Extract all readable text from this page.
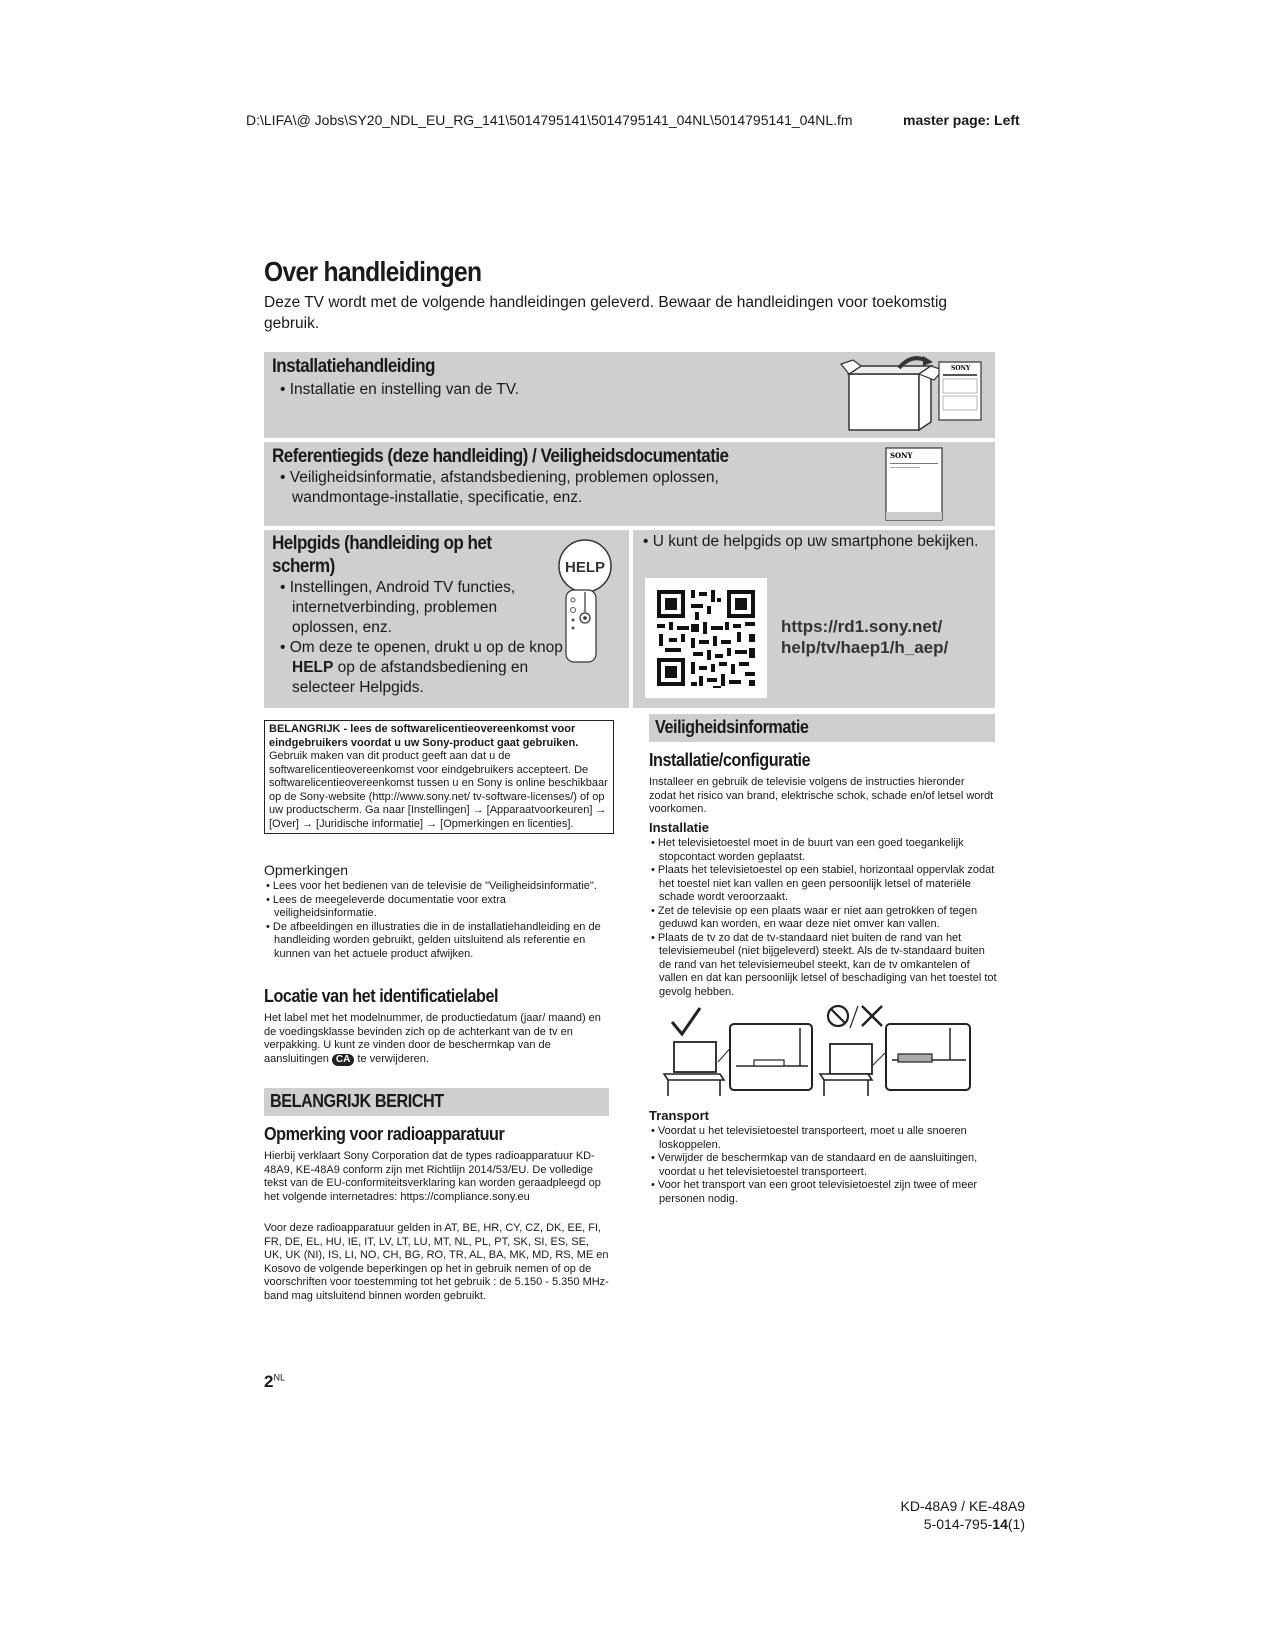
D:\LIFA\@ Jobs\SY20_NDL_EU_RG_141\5014795141\5014795141_04NL\5014795141_04NL.fm	master page: Left
Over handleidingen
Deze TV wordt met de volgende handleidingen geleverd. Bewaar de handleidingen voor toekomstig gebruik.
Installatiehandleiding

• Installatie en instelling van de TV.

SONY
Referentiegids (deze handleiding) / Veiligheidsdocumentatie

• Veiligheidsinformatie, afstandsbediening, problemen oplossen, wandmontage-installatie, specificatie, enz.

SONY
Helpgids (handleiding op het
scherm)

• Instellingen, Android TV functies, internetverbinding, problemen oplossen, enz.

• Om deze te openen, drukt u op de knop HELP op de afstandsbediening en selecteer Helpgids.

HELP

• U kunt de helpgids op uw smartphone bekijken.

https://rd1.sony.net/
help/tv/haep1/h_aep/
BELANGRIJK - lees de softwarelicentieovereenkomst voor eindgebruikers voordat u uw Sony-product gaat gebruiken.
Gebruik maken van dit product geeft aan dat u de softwarelicentieovereenkomst voor eindgebruikers accepteert. De softwarelicentieovereenkomst tussen u en Sony is online beschikbaar op de Sony-website (http://www.sony.net/ tv-software-licenses/) of op uw productscherm. Ga naar [Instellingen] → [Apparaatvoorkeuren] → [Over] → [Juridische informatie] → [Opmerkingen en licenties].
Opmerkingen

• Lees voor het bedienen van de televisie de "Veiligheidsinformatie".

• Lees de meegeleverde documentatie voor extra veiligheidsinformatie.

• De afbeeldingen en illustraties die in de installatiehandleiding en de handleiding worden gebruikt, gelden uitsluitend als referentie en kunnen van het actuele product afwijken.

Locatie van het identificatielabel
Het label met het modelnummer, de productiedatum (jaar/ maand) en de voedingsklasse bevinden zich op de achterkant van de tv en verpakking. U kunt ze vinden door de beschermkap van de aansluitingen CA te verwijderen.
BELANGRIJK BERICHT
Opmerking voor radioapparatuur
Hierbij verklaart Sony Corporation dat de types radioapparatuur KD-48A9, KE-48A9 conform zijn met Richtlijn 2014/53/EU. De volledige tekst van de EU-conformiteitsverklaring kan worden geraadpleegd op het volgende internetadres: https://compliance.sony.eu
Voor deze radioapparatuur gelden in AT, BE, HR, CY, CZ, DK, EE, FI, FR, DE, EL, HU, IE, IT, LV, LT, LU, MT, NL, PL, PT, SK, SI, ES, SE, UK, UK (NI), IS, LI, NO, CH, BG, RO, TR, AL, BA, MK, MD, RS, ME en Kosovo de volgende beperkingen op het in gebruik nemen of op de voorschriften voor toestemming tot het gebruik : de 5.150 - 5.350 MHz-band mag uitsluitend binnen worden gebruikt.
$2^{NL}$
Veiligheidsinformatie
Installatie/configuratie
Installeer en gebruik de televisie volgens de instructies hieronder zodat het risico van brand, elektrische schok, schade en/of letsel wordt voorkomen.
Installatie

• Het televisietoestel moet in de buurt van een goed toegankelijk stopcontact worden geplaatst.

• Plaats het televisietoestel op een stabiel, horizontaal oppervlak zodat het toestel niet kan vallen en geen persoonlijk letsel of materiële schade wordt veroorzaakt.

• Zet de televisie op een plaats waar er niet aan getrokken of tegen geduwd kan worden, en waar deze niet omver kan vallen.

• Plaats de tv zo dat de tv-standaard niet buiten de rand van het televisiemeubel (niet bijgeleverd) steekt. Als de tv-standaard buiten de rand van het televisiemeubel steekt, kan de tv omkantelen of vallen en dat kan persoonlijk letsel of beschadiging van het toestel tot gevolg hebben.

Transport

• Voordat u het televisietoestel transporteert, moet u alle snoeren loskoppelen.

• Verwijder de beschermkap van de standaard en de aansluitingen, voordat u het televisietoestel transporteert.

• Voor het transport van een groot televisietoestel zijn twee of meer personen nodig.

KD-48A9 / KE-48A9
5-014-795-14(1)
